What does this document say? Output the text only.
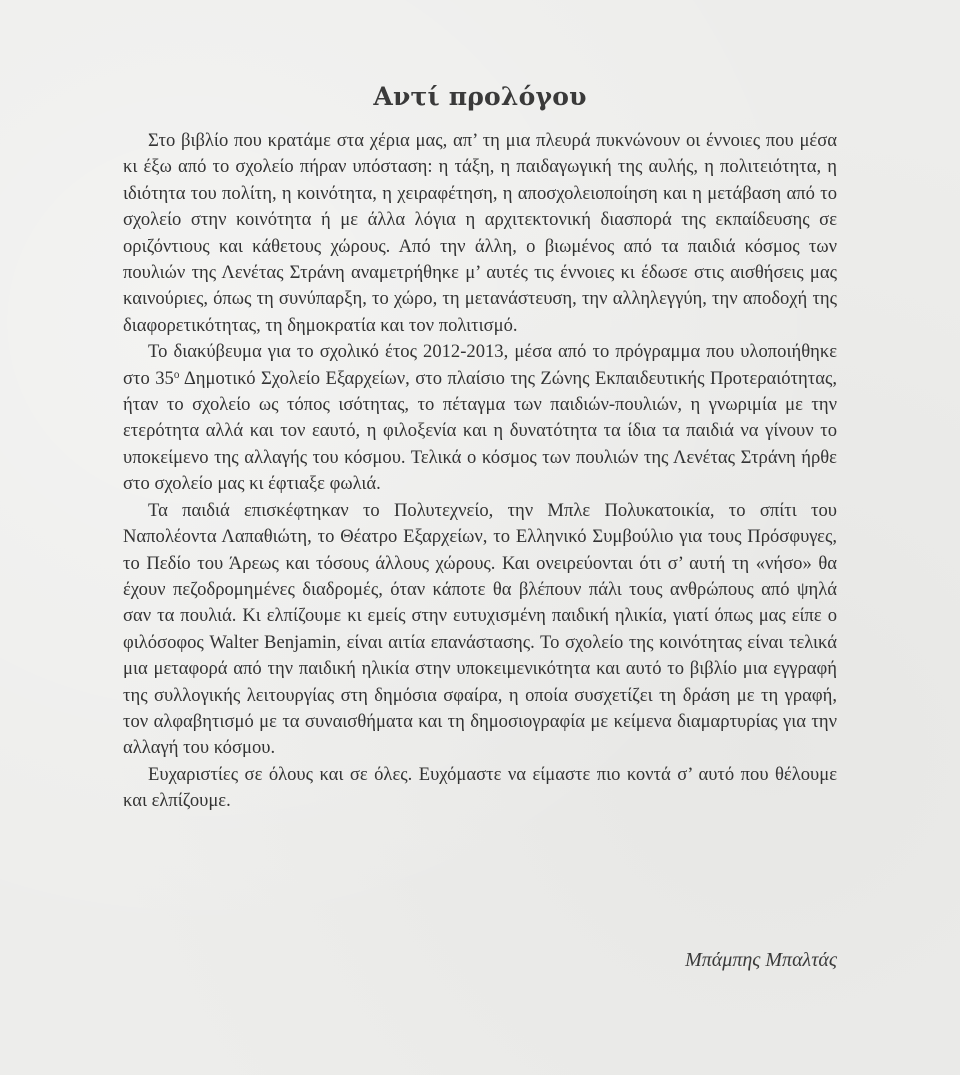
Αντί προλόγου

Στο βιβλίο που κρατάμε στα χέρια μας, απ’ τη μια πλευρά πυκνώνουν οι έννοιες που μέσα κι έξω από το σχολείο πήραν υπόσταση: η τάξη, η παιδαγωγική της αυλής, η πολιτειότητα, η ιδιότητα του πολίτη, η κοινότητα, η χειραφέτηση, η αποσχολειοποίηση και η μετάβαση από το σχολείο στην κοινότητα ή με άλλα λόγια η αρχιτεκτονική διασπορά της εκπαίδευσης σε οριζόντιους και κάθετους χώρους. Από την άλλη, ο βιωμένος από τα παιδιά κόσμος των πουλιών της Λενέτας Στράνη αναμετρήθηκε μ’ αυτές τις έννοιες κι έδωσε στις αισθήσεις μας καινούριες, όπως τη συνύπαρξη, το χώρο, τη μετανάστευση, την αλληλεγγύη, την αποδοχή της διαφορετικότητας, τη δημοκρατία και τον πολιτισμό.

Το διακύβευμα για το σχολικό έτος 2012-2013, μέσα από το πρόγραμμα που υλοποιήθηκε στο $35^o$ Δημοτικό Σχολείο Εξαρχείων, στο πλαίσιο της Ζώνης Εκπαιδευτικής Προτεραιότητας, ήταν το σχολείο ως τόπος ισότητας, το πέταγμα των παιδιών-πουλιών, η γνωριμία με την ετερότητα αλλά και τον εαυτό, η φιλοξενία και η δυνατότητα τα ίδια τα παιδιά να γίνουν το υποκείμενο της αλλαγής του κόσμου. Τελικά ο κόσμος των πουλιών της Λενέτας Στράνη ήρθε στο σχολείο μας κι έφτιαξε φωλιά.

Τα παιδιά επισκέφτηκαν το Πολυτεχνείο, την Μπλε Πολυκατοικία, το σπίτι του Ναπολέοντα Λαπαθιώτη, το Θέατρο Εξαρχείων, το Ελληνικό Συμβούλιο για τους Πρόσφυγες, το Πεδίο του Άρεως και τόσους άλλους χώρους. Και ονειρεύονται ότι σ’ αυτή τη «νήσο» θα έχουν πεζοδρομημένες διαδρομές, όταν κάποτε θα βλέπουν πάλι τους ανθρώπους από ψηλά σαν τα πουλιά. Κι ελπίζουμε κι εμείς στην ευτυχισμένη παιδική ηλικία, γιατί όπως μας είπε ο φιλόσοφος Walter Benjamin, είναι αιτία επανάστασης. Το σχολείο της κοινότητας είναι τελικά μια μεταφορά από την παιδική ηλικία στην υποκειμενικότητα και αυτό το βιβλίο μια εγγραφή της συλλογικής λειτουργίας στη δημόσια σφαίρα, η οποία συσχετίζει τη δράση με τη γραφή, τον αλφαβητισμό με τα συναισθήματα και τη δημοσιογραφία με κείμενα διαμαρτυρίας για την αλλαγή του κόσμου.

Ευχαριστίες σε όλους και σε όλες. Ευχόμαστε να είμαστε πιο κοντά σ’ αυτό που θέλουμε και ελπίζουμε.

Μπάμπης Μπαλτάς
